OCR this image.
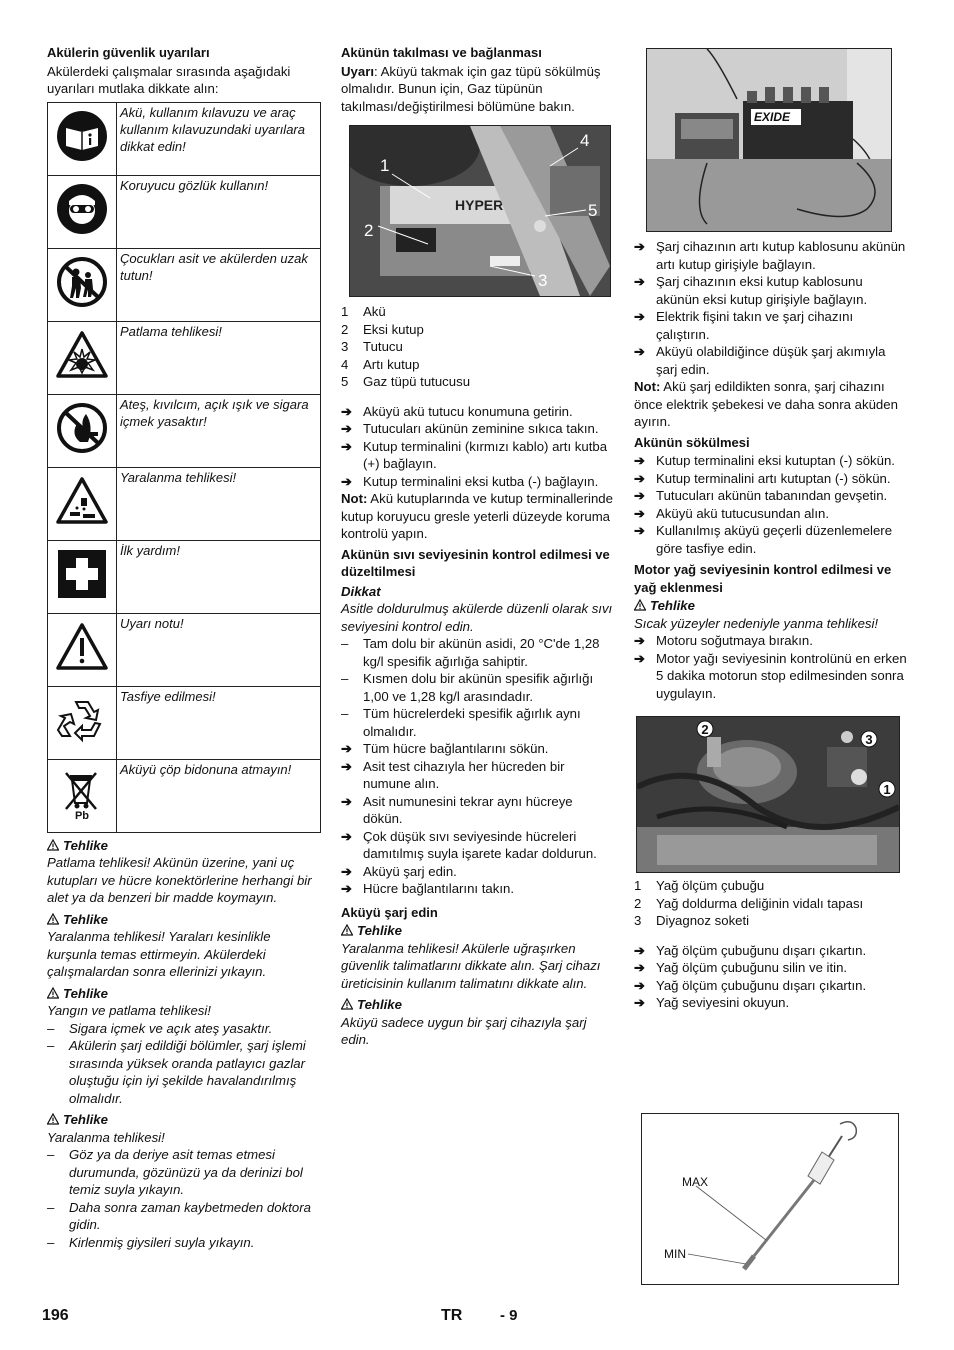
Akülerin güvenlik uyarıları

Akülerdeki çalışmalar sırasında aşağıdaki uyarıları mutlaka dikkate alın:

	Akü, kullanım kılavuzu ve araç kullanım kılavuzundaki uyarılara dikkat edin!
	Koruyucu gözlük kullanın!
	Çocukları asit ve akülerden uzak tutun!
	Patlama tehlikesi!
	Ateş, kıvılcım, açık ışık ve sigara içmek yasaktır!
	Yaralanma tehlikesi!
	İlk yardım!
	Uyarı notu!
	Tasfiye edilmesi!

Pb	Aküyü çöp bidonuna atmayın!
Tehlike

Patlama tehlikesi! Akünün üzerine, yani uç kutupları ve hücre konektörlerine herhangi bir alet ya da benzeri bir madde koymayın.

Tehlike

Yaralanma tehlikesi! Yaraları kesinlikle kurşunla temas ettirmeyin. Akülerdeki çalışmalardan sonra ellerinizi yıkayın.

Tehlike

Yangın ve patlama tehlikesi!

– Sigara içmek ve açık ateş yasaktır.
– Akülerin şarj edildiği bölümler, şarj işlemi sırasında yüksek oranda patlayıcı gazlar oluştuğu için iyi şekilde havalandırılmış olmalıdır.
Tehlike

Yaralanma tehlikesi!

– Göz ya da deriye asit temas etmesi durumunda, gözünüzü ya da derinizi bol temiz suyla yıkayın.
– Daha sonra zaman kaybetmeden doktora gidin.
– Kirlenmiş giysileri suyla yıkayın.
Akünün takılması ve bağlanması

Uyarı: Aküyü takmak için gaz tüpü sökülmüş olmalıdır. Bunun için, Gaz tüpünün takılması/değiştirilmesi bölümüne bakın.

HYPER
1
2
3
4
5
1 Akü
2 Eksi kutup
3 Tutucu
4 Artı kutup
5 Gaz tüpü tutucusu
➔ Aküyü akü tutucu konumuna getirin.
➔ Tutucuları akünün zeminine sıkıca takın.
➔ Kutup terminalini (kırmızı kablo) artı kutba (+) bağlayın.
➔ Kutup terminalini eksi kutba (-) bağlayın.

Not: Akü kutuplarında ve kutup terminallerinde kutup koruyucu gresle yeterli düzeyde koruma kontrolü yapın.

Akünün sıvı seviyesinin kontrol edilmesi ve düzeltilmesi
Dikkat

Asitle doldurulmuş akülerde düzenli olarak sıvı seviyesini kontrol edin.

– Tam dolu bir akünün asidi, 20 °C'de 1,28 kg/l spesifik ağırlığa sahiptir.
– Kısmen dolu bir akünün spesifik ağırlığı 1,00 ve 1,28 kg/l arasındadır.
– Tüm hücrelerdeki spesifik ağırlık aynı olmalıdır.
➔ Tüm hücre bağlantılarını sökün.
➔ Asit test cihazıyla her hücreden bir numune alın.
➔ Asit numunesini tekrar aynı hücreye dökün.
➔ Çok düşük sıvı seviyesinde hücreleri damıtılmış suyla işarete kadar doldurun.
➔ Aküyü şarj edin.
➔ Hücre bağlantılarını takın.
Aküyü şarj edin
Tehlike

Yaralanma tehlikesi! Akülerle uğraşırken güvenlik talimatlarını dikkate alın. Şarj cihazı üreticisinin kullanım talimatını dikkate alın.

Tehlike

Aküyü sadece uygun bir şarj cihazıyla şarj edin.

EXIDE
➔ Şarj cihazının artı kutup kablosunu akünün artı kutup girişiyle bağlayın.
➔ Şarj cihazının eksi kutup kablosunu akünün eksi kutup girişiyle bağlayın.
➔ Elektrik fişini takın ve şarj cihazını çalıştırın.
➔ Aküyü olabildiğince düşük şarj akımıyla şarj edin.

Not: Akü şarj edildikten sonra, şarj cihazını önce elektrik şebekesi ve daha sonra aküden ayırın.

Akünün sökülmesi
➔ Kutup terminalini eksi kutuptan (-) sökün.
➔ Kutup terminalini artı kutuptan (-) sökün.
➔ Tutucuları akünün tabanından gevşetin.
➔ Aküyü akü tutucusundan alın.
➔ Kullanılmış aküyü geçerli düzenlemelere göre tasfiye edin.
Motor yağ seviyesinin kontrol edilmesi ve yağ eklenmesi
Tehlike

Sıcak yüzeyler nedeniyle yanma tehlikesi!

➔ Motoru soğutmaya bırakın.
➔ Motor yağı seviyesinin kontrolünü en erken 5 dakika motorun stop edilmesinden sonra uygulayın.
2
3
1
1 Yağ ölçüm çubuğu
2 Yağ doldurma deliğinin vidalı tapası
3 Diyagnoz soketi
➔ Yağ ölçüm çubuğunu dışarı çıkartın.
➔ Yağ ölçüm çubuğunu silin ve itin.
➔ Yağ ölçüm çubuğunu dışarı çıkartın.
➔ Yağ seviyesini okuyun.
MAX
MIN
196	TR	- 9
